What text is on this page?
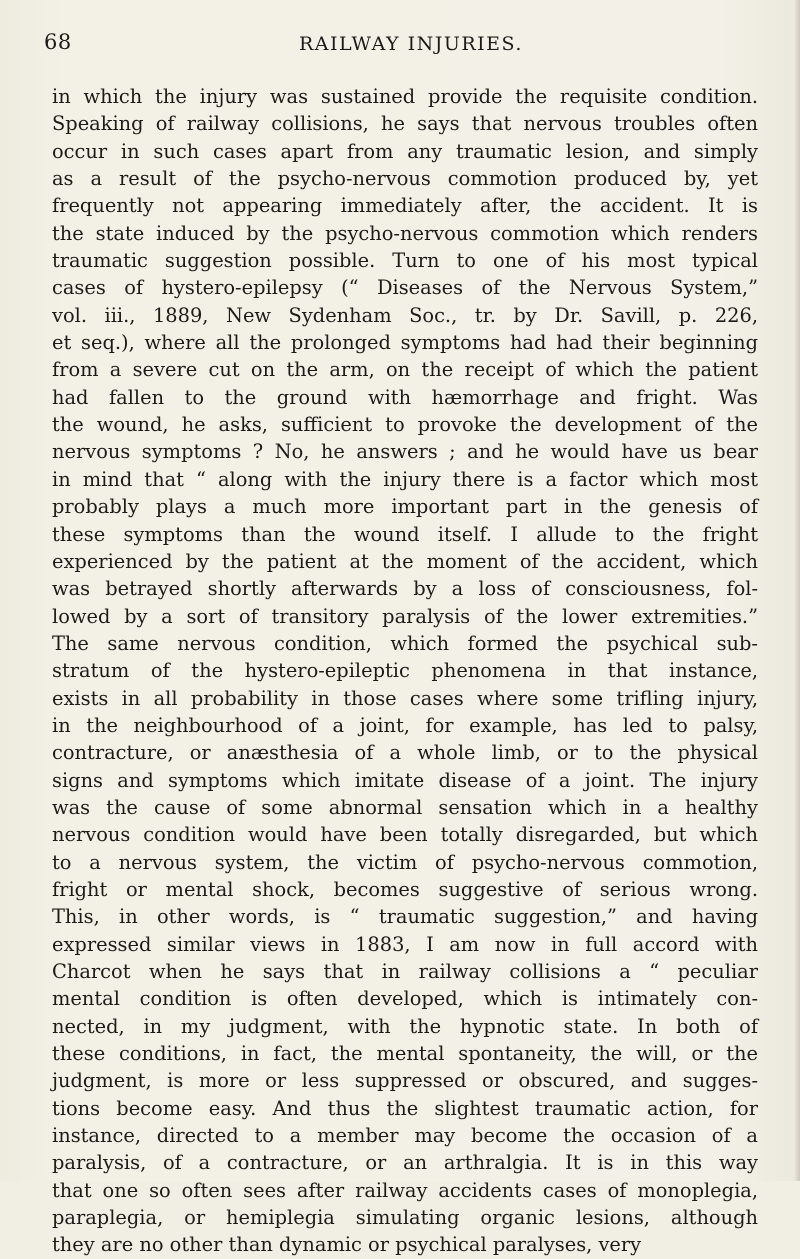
68	RAILWAY INJURIES.
in which the injury was sustained provide the requisite condition.
Speaking of railway collisions, he says that nervous troubles often
occur in such cases apart from any traumatic lesion, and simply
as a result of the psycho-nervous commotion produced by, yet
frequently not appearing immediately after, the accident. It is
the state induced by the psycho-nervous commotion which renders
traumatic suggestion possible. Turn to one of his most typical
cases of hystero-epilepsy (“ Diseases of the Nervous System,”
vol. iii., 1889, New Sydenham Soc., tr. by Dr. Savill, p. 226,
et seq.), where all the prolonged symptoms had had their beginning
from a severe cut on the arm, on the receipt of which the patient
had fallen to the ground with hæmorrhage and fright. Was
the wound, he asks, sufficient to provoke the development of the
nervous symptoms ? No, he answers ; and he would have us bear
in mind that “ along with the injury there is a factor which most
probably plays a much more important part in the genesis of
these symptoms than the wound itself. I allude to the fright
experienced by the patient at the moment of the accident, which
was betrayed shortly afterwards by a loss of consciousness, fol-
lowed by a sort of transitory paralysis of the lower extremities.”
The same nervous condition, which formed the psychical sub-
stratum of the hystero-epileptic phenomena in that instance,
exists in all probability in those cases where some trifling injury,
in the neighbourhood of a joint, for example, has led to palsy,
contracture, or anæsthesia of a whole limb, or to the physical
signs and symptoms which imitate disease of a joint. The injury
was the cause of some abnormal sensation which in a healthy
nervous condition would have been totally disregarded, but which
to a nervous system, the victim of psycho-nervous commotion,
fright or mental shock, becomes suggestive of serious wrong.
This, in other words, is “ traumatic suggestion,” and having
expressed similar views in 1883, I am now in full accord with
Charcot when he says that in railway collisions a “ peculiar
mental condition is often developed, which is intimately con-
nected, in my judgment, with the hypnotic state. In both of
these conditions, in fact, the mental spontaneity, the will, or the
judgment, is more or less suppressed or obscured, and sugges-
tions become easy. And thus the slightest traumatic action, for
instance, directed to a member may become the occasion of a
paralysis, of a contracture, or an arthralgia. It is in this way
that one so often sees after railway accidents cases of monoplegia,
paraplegia, or hemiplegia simulating organic lesions, although
they are no other than dynamic or psychical paralyses, very
